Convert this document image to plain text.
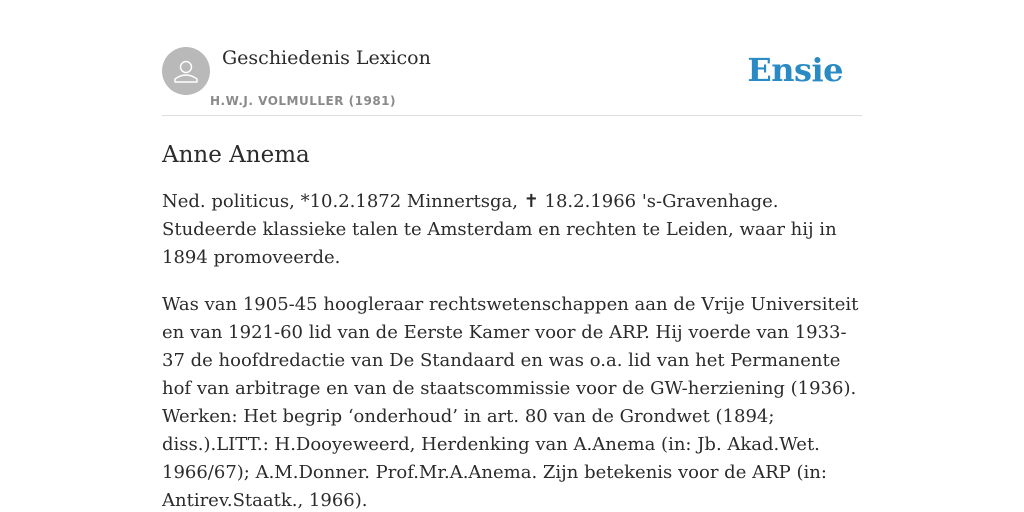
Geschiedenis Lexicon
H.W.J. VOLMULLER (1981)
Ensie
Anne Anema

Ned. politicus, *10.2.1872 Minnertsga, ✝ 18.2.1966 's-Gravenhage. Studeerde klassieke talen te Amsterdam en rechten te Leiden, waar hij in 1894 promoveerde.

Was van 1905-45 hoogleraar rechtswetenschappen aan de Vrije Universiteit en van 1921-60 lid van de Eerste Kamer voor de ARP. Hij voerde van 1933-37 de hoofdredactie van De Standaard en was o.a. lid van het Permanente hof van arbitrage en van de staatscommissie voor de GW-herziening (1936). Werken: Het begrip ‘onderhoud’ in art. 80 van de Grondwet (1894; diss.).LITT.: H.Dooyeweerd, Herdenking van A.Anema (in: Jb. Akad.Wet. 1966/67); A.M.Donner. Prof.Mr.A.Anema. Zijn betekenis voor de ARP (in: Antirev.Staatk., 1966).
